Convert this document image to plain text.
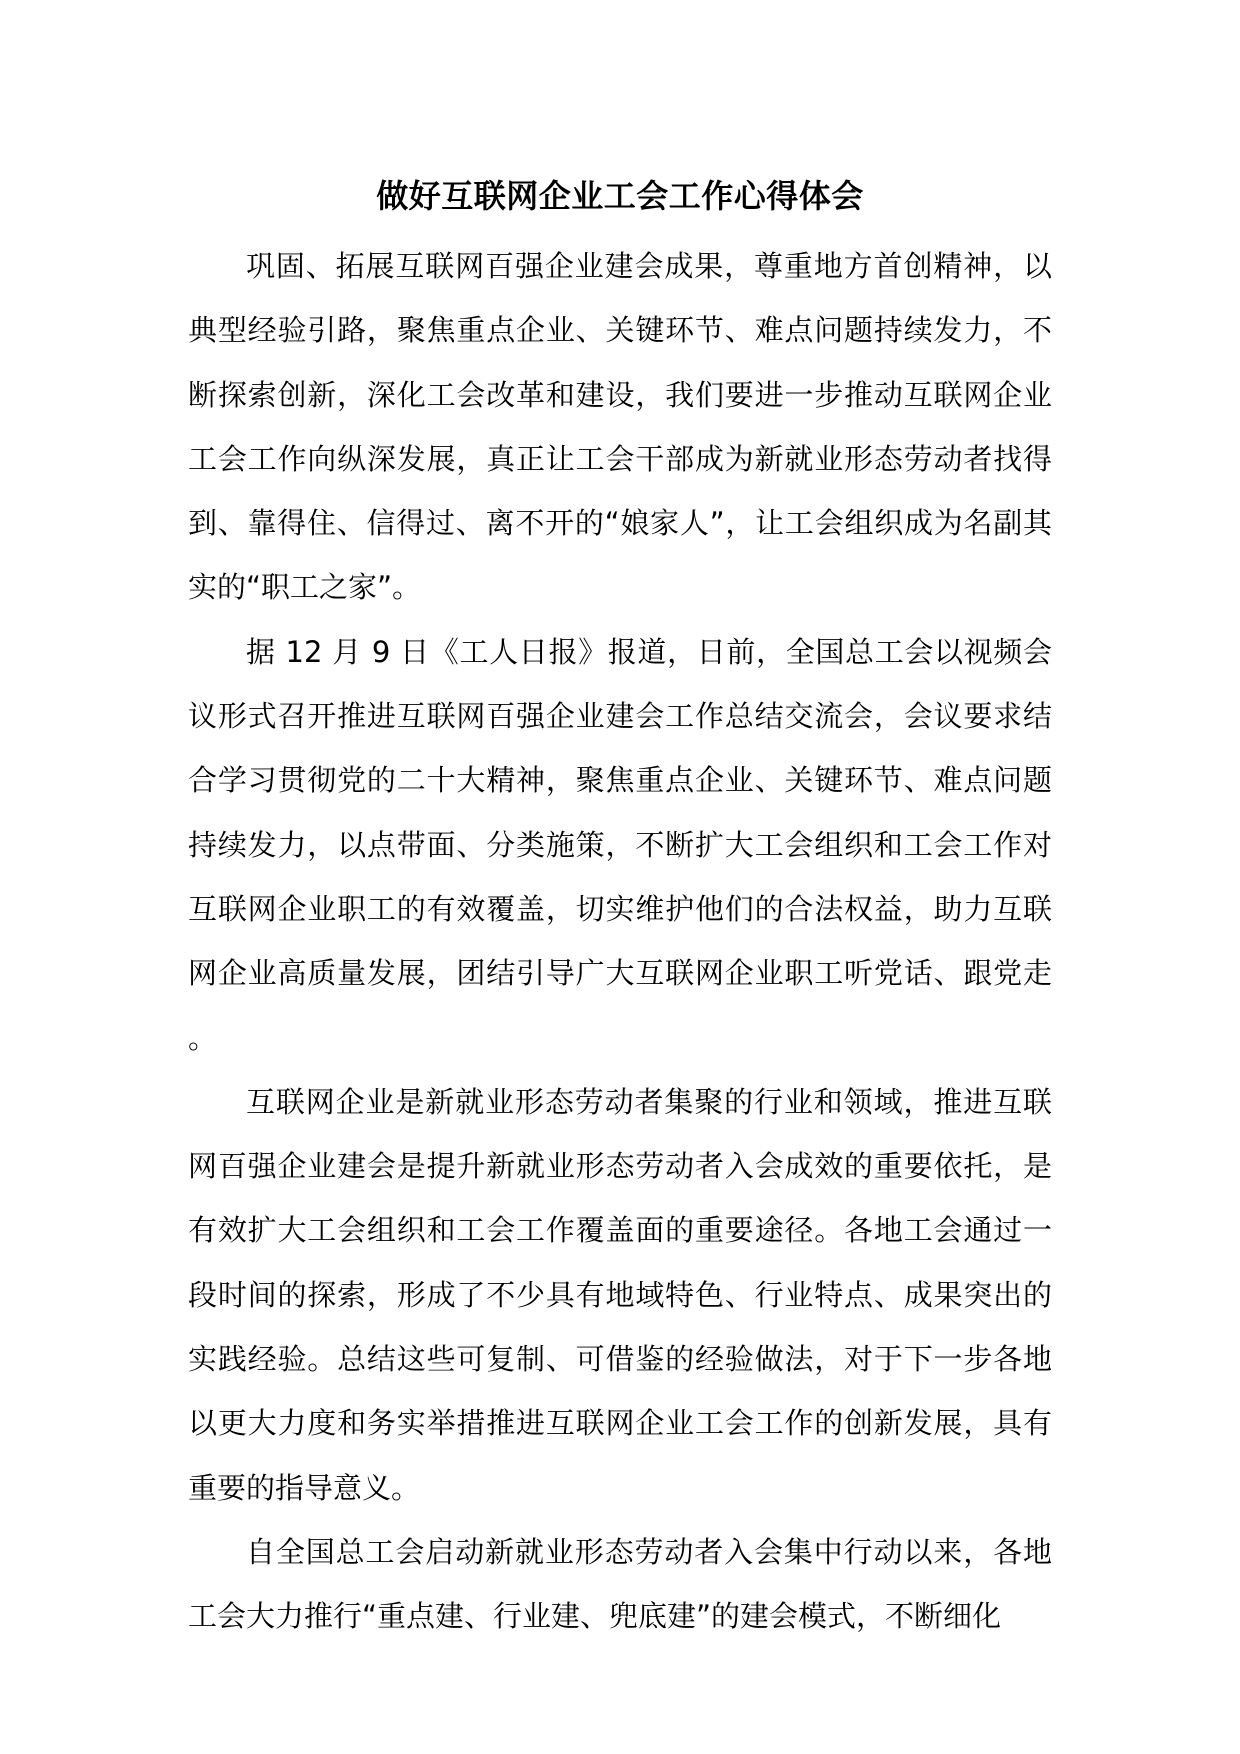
做好互联网企业工会工作心得体会

巩固、拓展互联网百强企业建会成果，尊重地方首创精神，以典型经验引路，聚焦重点企业、关键环节、难点问题持续发力，不断探索创新，深化工会改革和建设，我们要进一步推动互联网企业工会工作向纵深发展，真正让工会干部成为新就业形态劳动者找得到、靠得住、信得过、离不开的“娘家人”，让工会组织成为名副其实的“职工之家”。

据 12 月 9 日《工人日报》报道，日前，全国总工会以视频会议形式召开推进互联网百强企业建会工作总结交流会，会议要求结合学习贯彻党的二十大精神，聚焦重点企业、关键环节、难点问题持续发力，以点带面、分类施策，不断扩大工会组织和工会工作对互联网企业职工的有效覆盖，切实维护他们的合法权益，助力互联网企业高质量发展，团结引导广大互联网企业职工听党话、跟党走。

互联网企业是新就业形态劳动者集聚的行业和领域，推进互联网百强企业建会是提升新就业形态劳动者入会成效的重要依托，是有效扩大工会组织和工会工作覆盖面的重要途径。各地工会通过一段时间的探索，形成了不少具有地域特色、行业特点、成果突出的实践经验。总结这些可复制、可借鉴的经验做法，对于下一步各地以更大力度和务实举措推进互联网企业工会工作的创新发展，具有重要的指导意义。

自全国总工会启动新就业形态劳动者入会集中行动以来，各地工会大力推行“重点建、行业建、兜底建”的建会模式，不断细化
